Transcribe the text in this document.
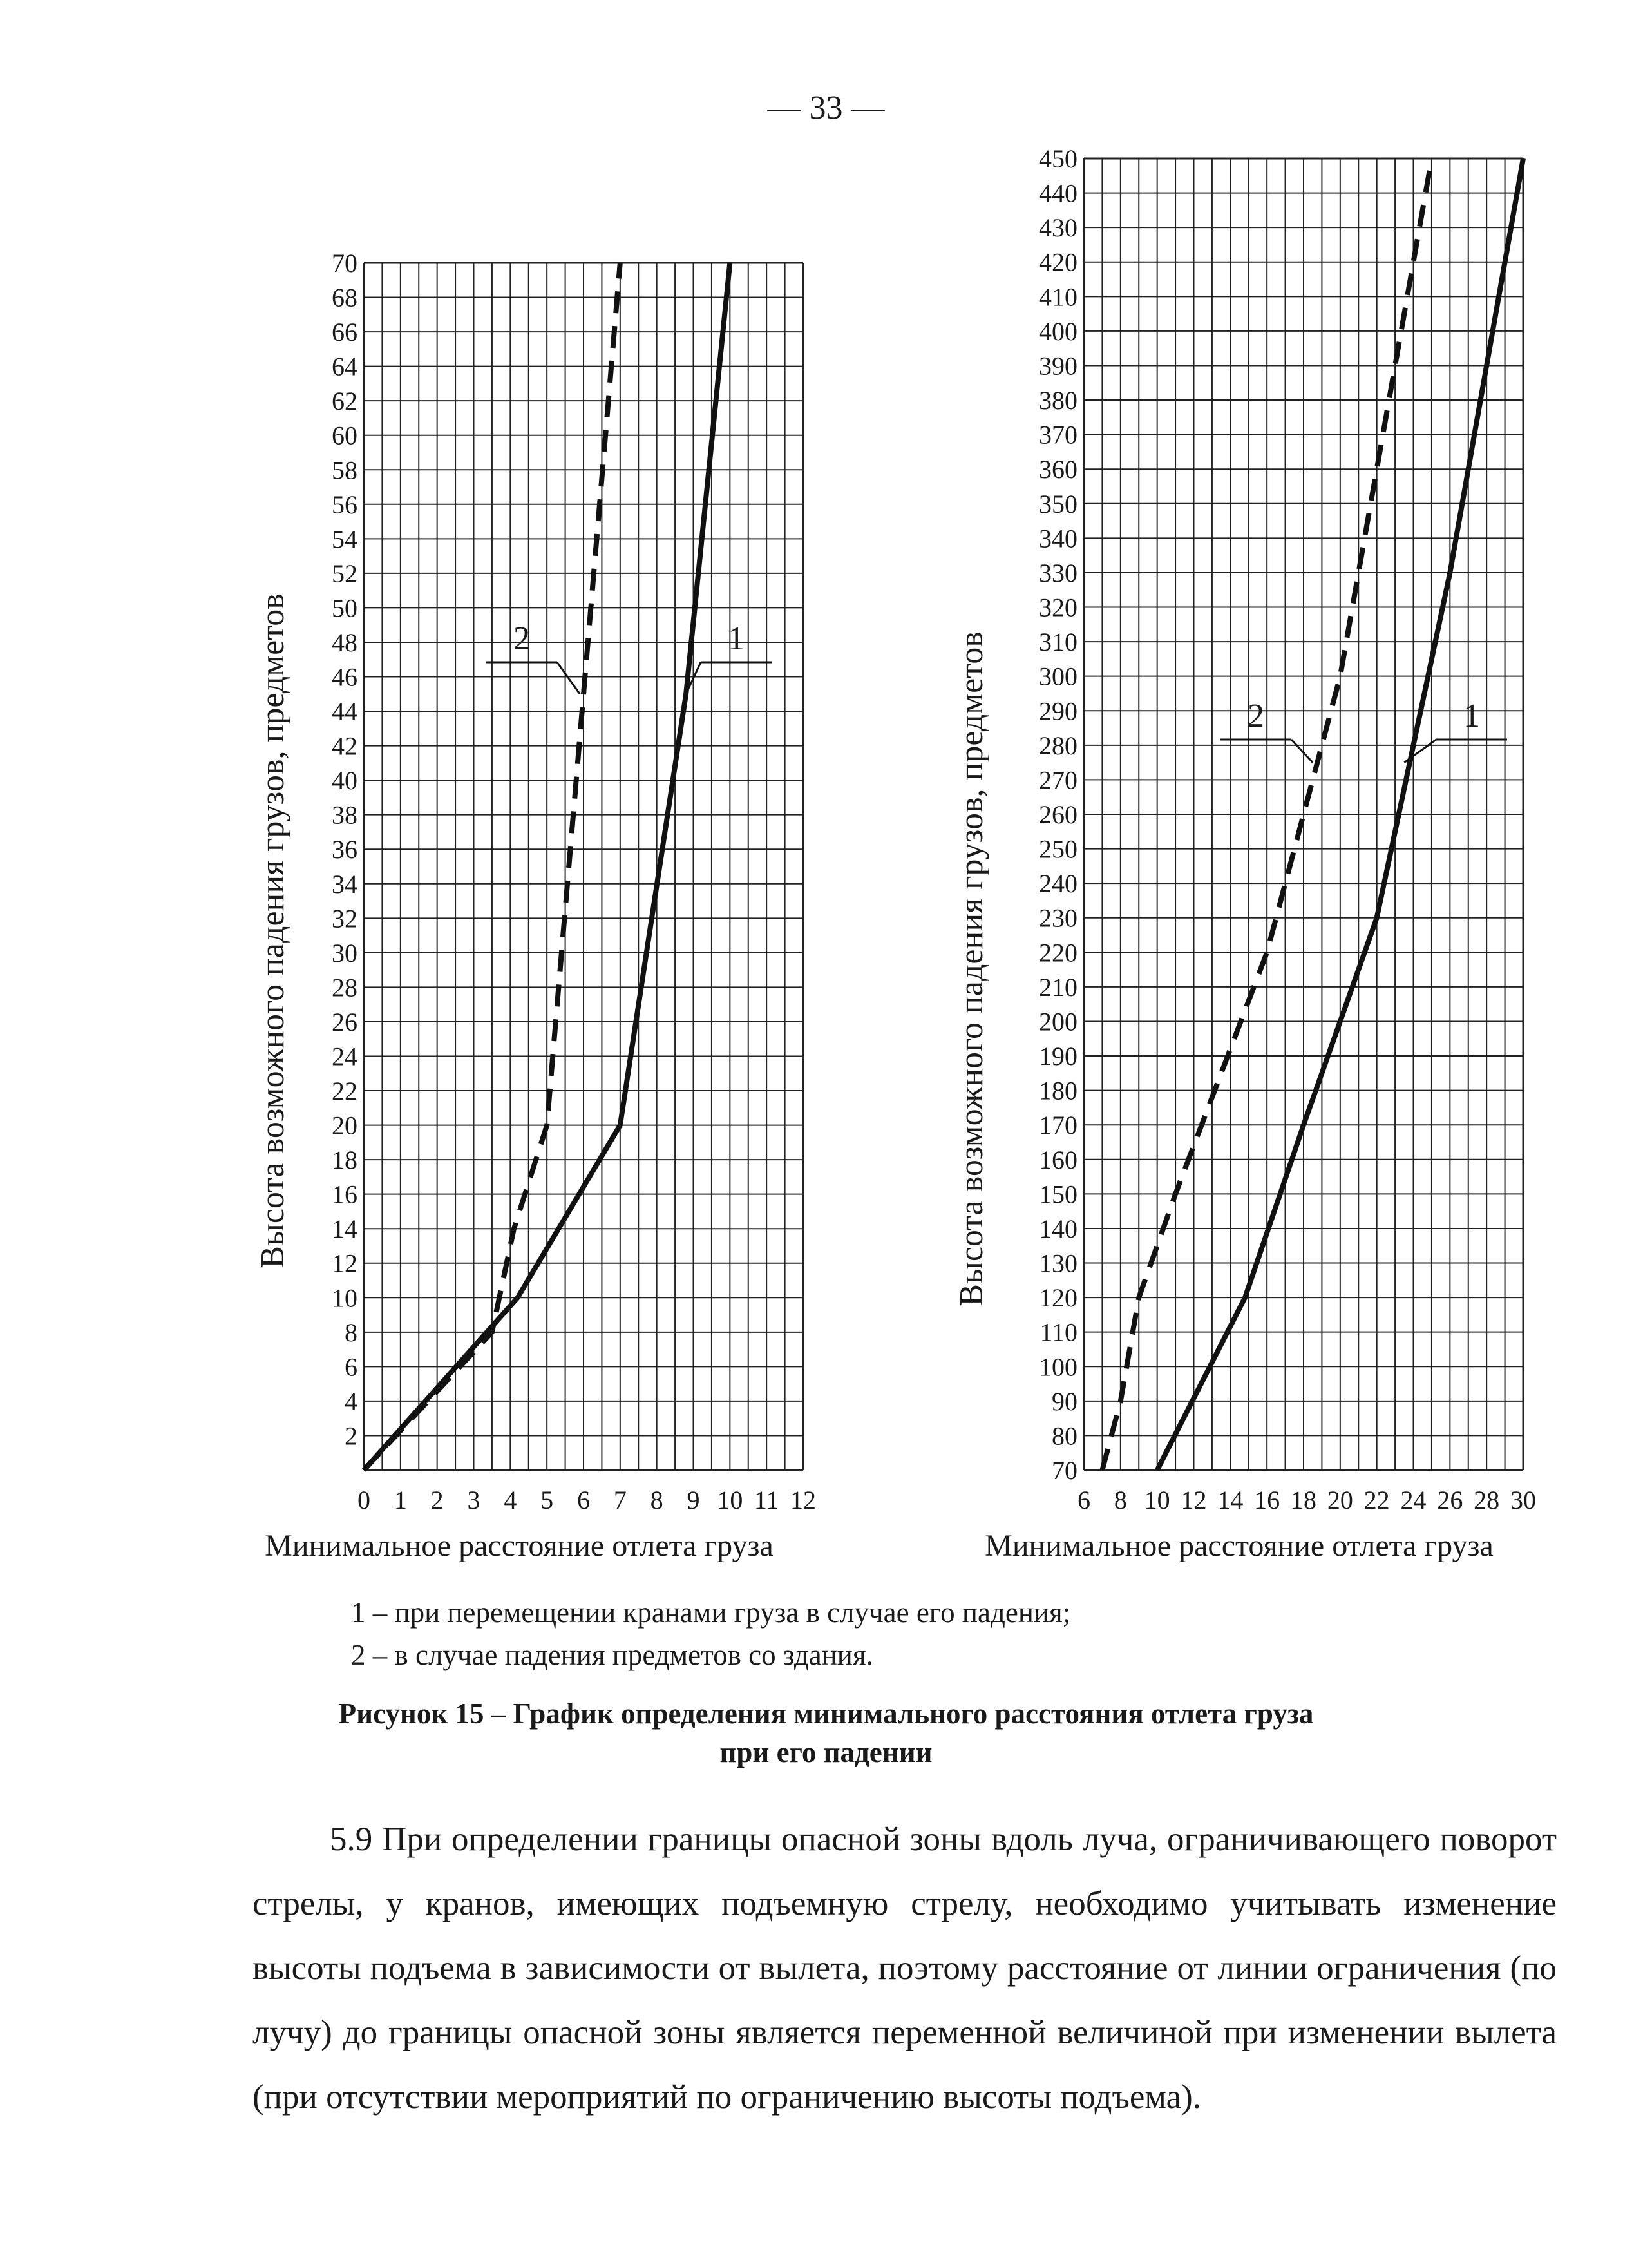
— 33 —
0 1 2 3 4 5 6 7 8 9 10 11 12
2
4
6
8
10
12
14
16
18
20
22
24
26
28
30
32
34
36
38
40
42
44
46
48
50
52
54
56
58
60
62
64
66
68
70
Минимальное расстояние отлета груза
Высота возможного падения грузов, предметов	2	1
6 8 10 12 14 16 18 20 22 24 26 28 30
70
80
90
100
110
120
130
140
150
160
170
180
190
200
210
220
230
240
250
260
270
280
290
300
310
320
330
340
350
360
370
380
390
400
410
420
430
440
450
Минимальное расстояние отлета груза
Высота возможного падения грузов, предметов	2	1
1 – при перемещении кранами груза в случае его падения;
2 – в случае падения предметов со здания.
Рисунок 15 – График определения минимального расстояния отлета груза
при его падении

5.9 При определении границы опасной зоны вдоль луча, ограничивающего поворот стрелы, у кранов, имеющих подъемную стрелу, необходимо учитывать изменение высоты подъема в зависимости от вылета, поэтому расстояние от линии ограничения (по лучу) до границы опасной зоны является переменной величиной при изменении вылета (при отсутствии мероприятий по ограничению высоты подъема).
